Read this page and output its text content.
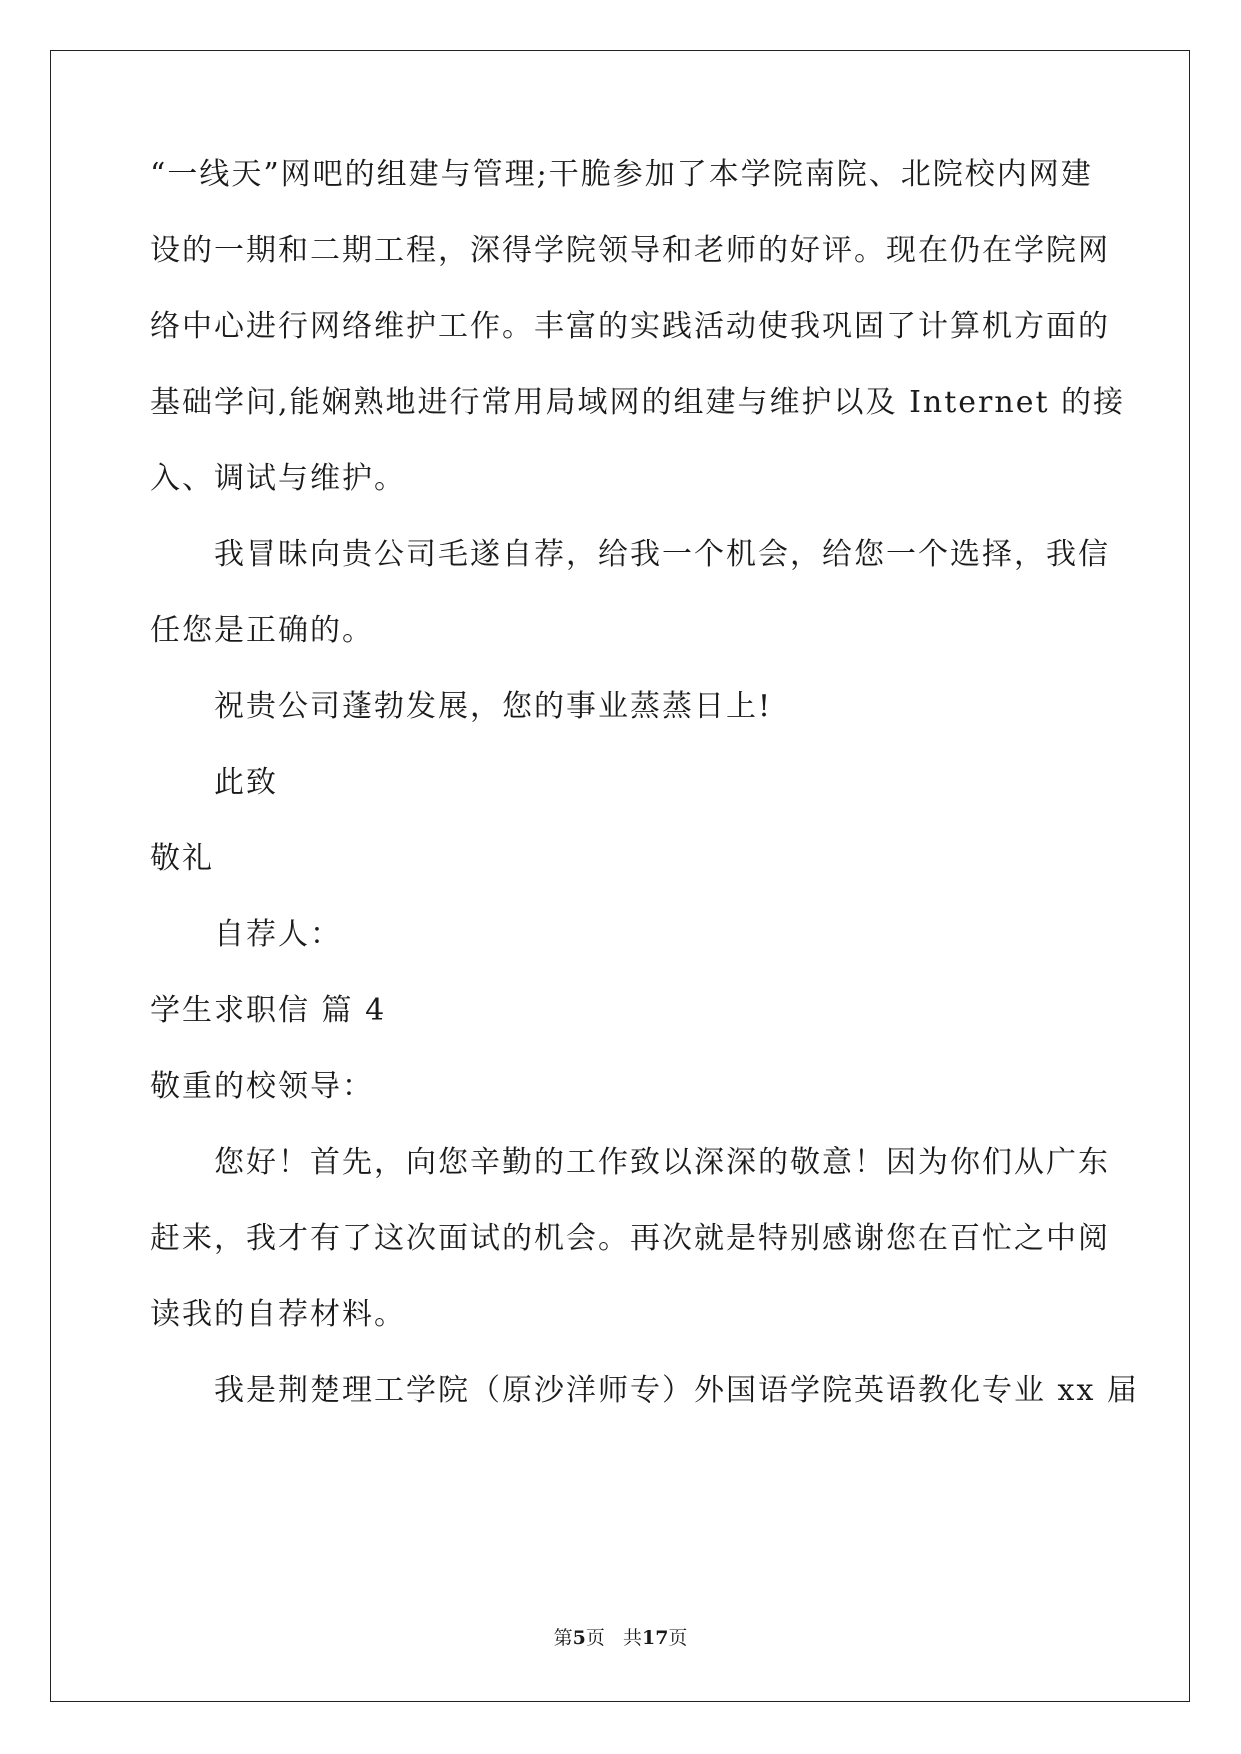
“一线天”网吧的组建与管理;干脆参加了本学院南院、北院校内网建
设的一期和二期工程，深得学院领导和老师的好评。现在仍在学院网
络中心进行网络维护工作。丰富的实践活动使我巩固了计算机方面的
基础学问,能娴熟地进行常用局域网的组建与维护以及 Internet 的接
入、调试与维护。
我冒昧向贵公司毛遂自荐，给我一个机会，给您一个选择，我信
任您是正确的。
祝贵公司蓬勃发展，您的事业蒸蒸日上!
此致
敬礼
自荐人：
学生求职信 篇 4
敬重的校领导：
您好！首先，向您辛勤的工作致以深深的敬意！因为你们从广东
赶来，我才有了这次面试的机会。再次就是特别感谢您在百忙之中阅
读我的自荐材料。
我是荆楚理工学院（原沙洋师专）外国语学院英语教化专业 xx 届
第5页 共17页
